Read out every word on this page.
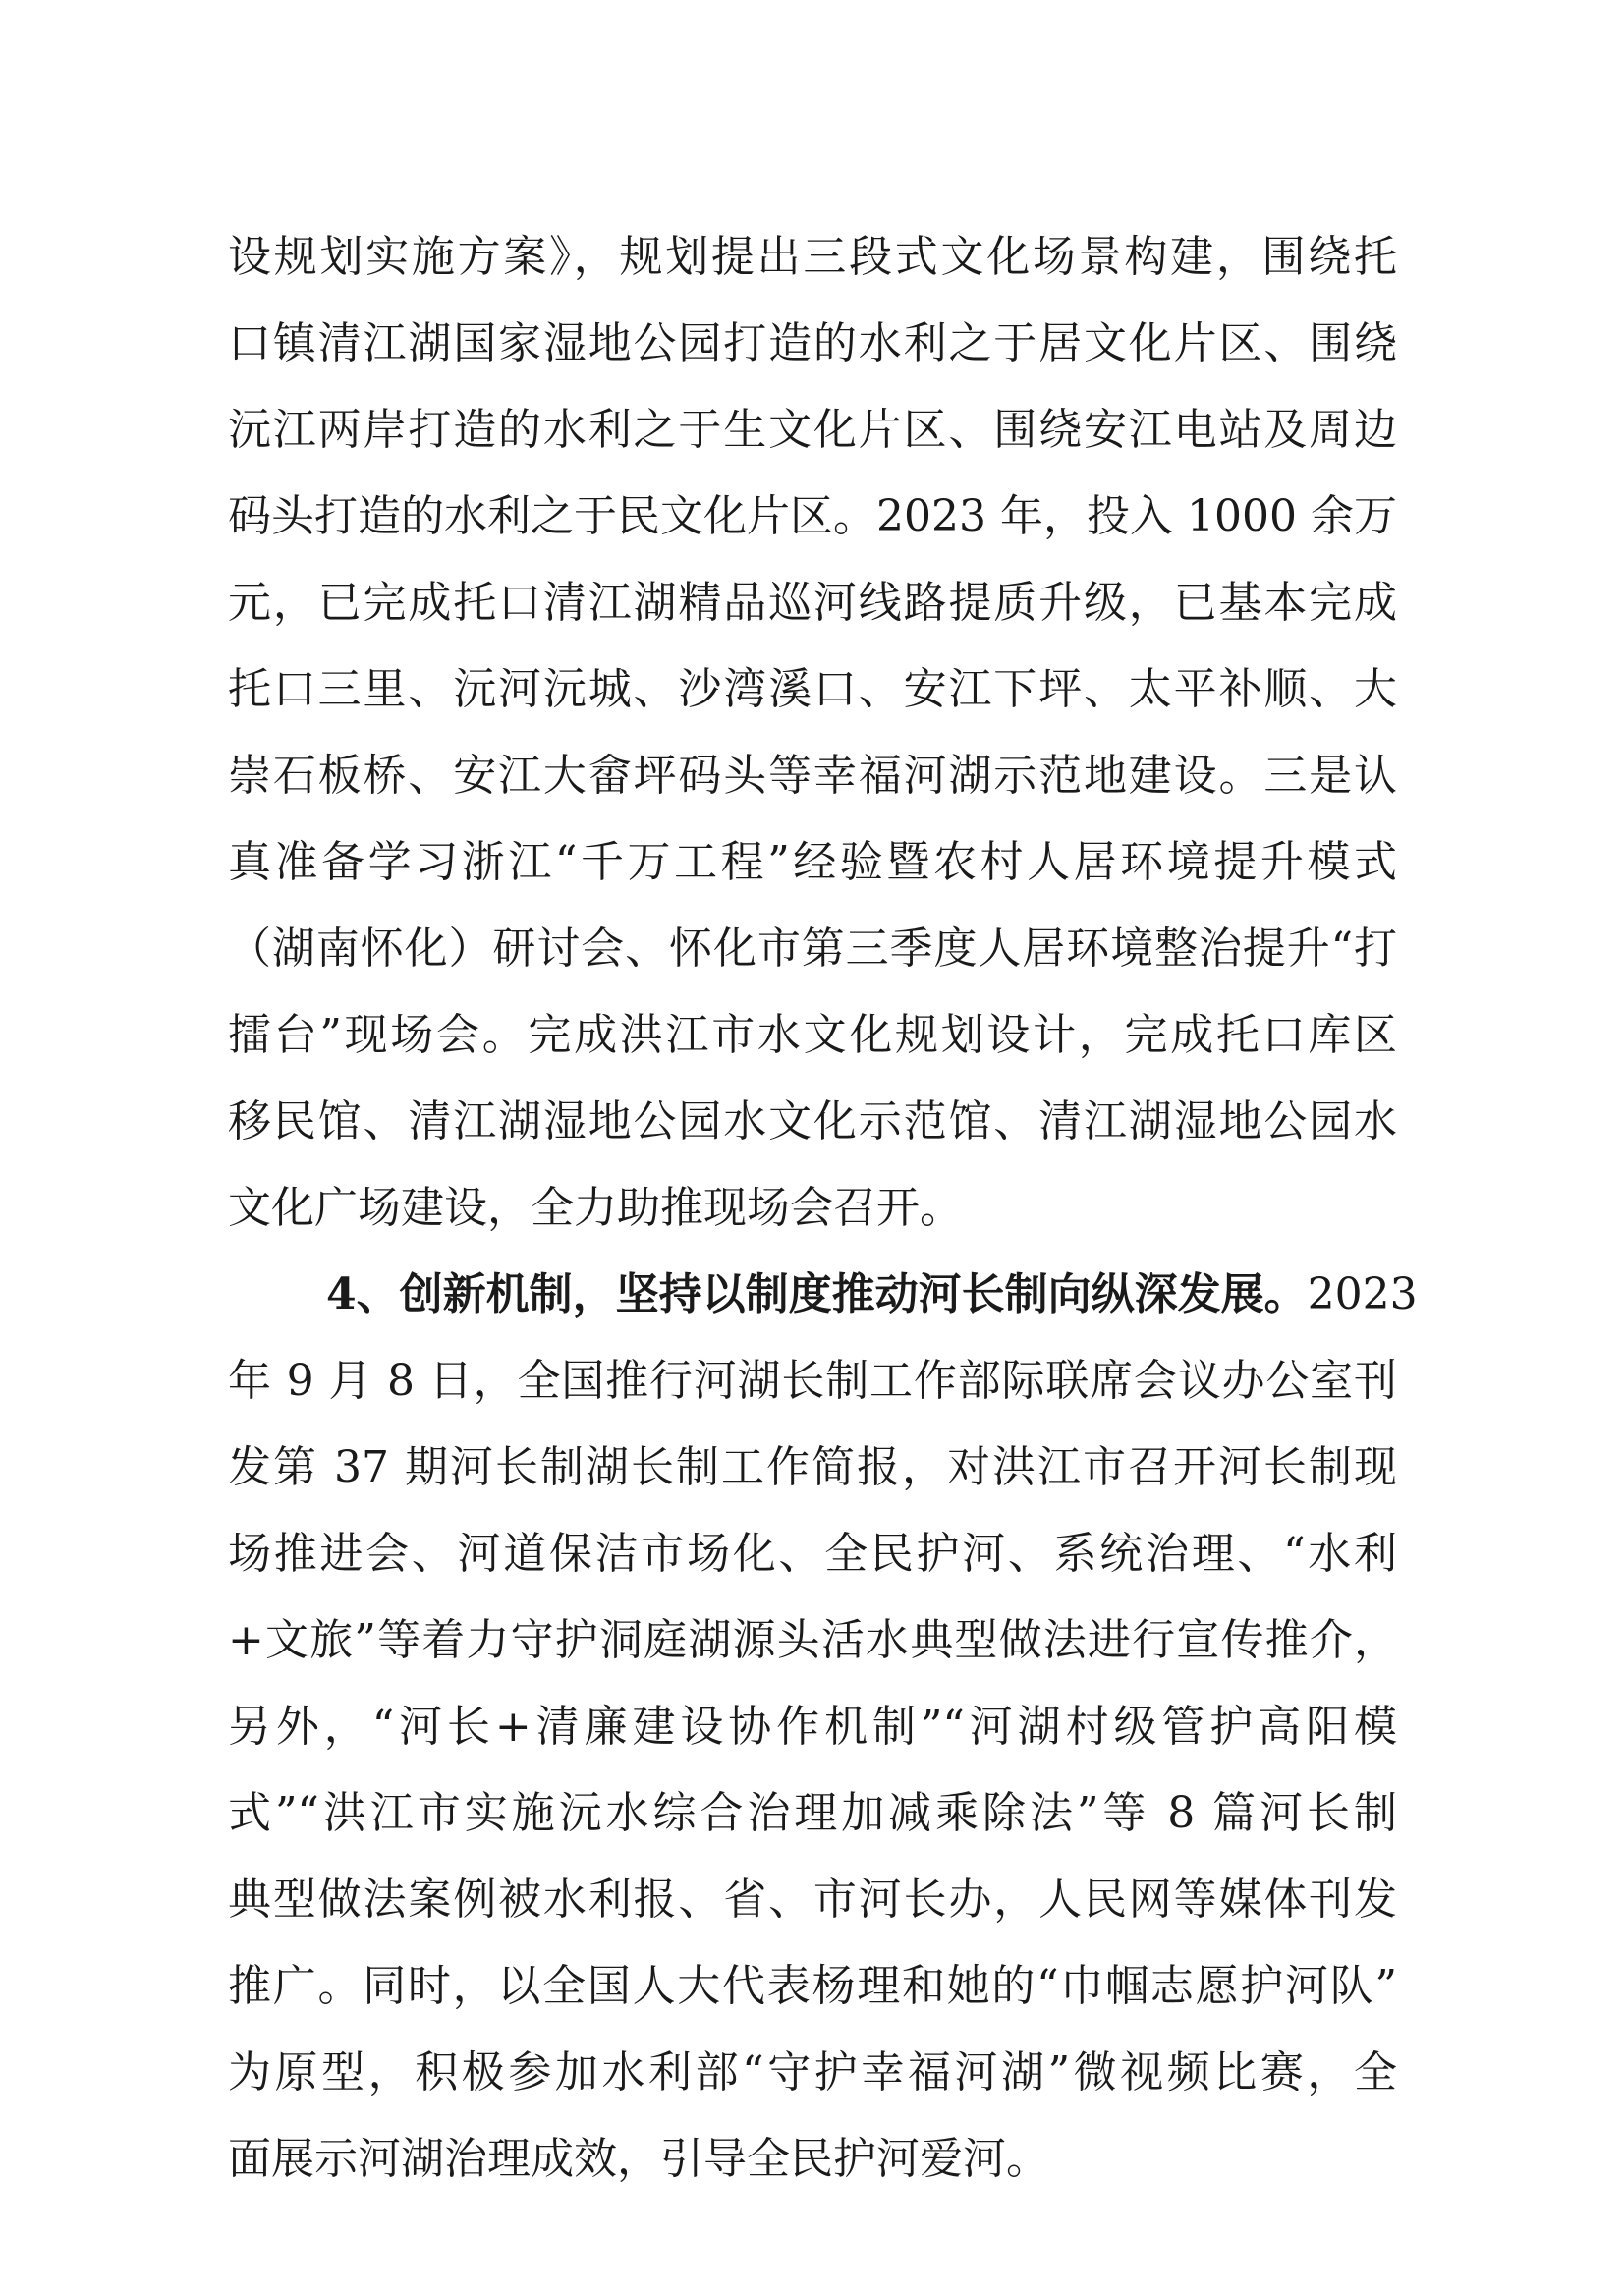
设规划实施方案》，规划提出三段式文化场景构建，围绕托
口镇清江湖国家湿地公园打造的水利之于居文化片区、围绕
沅江两岸打造的水利之于生文化片区、围绕安江电站及周边
码头打造的水利之于民文化片区。2023 年，投入 1000 余万
元，已完成托口清江湖精品巡河线路提质升级，已基本完成
托口三里、沅河沅城、沙湾溪口、安江下坪、太平补顺、大
崇石板桥、安江大畲坪码头等幸福河湖示范地建设。三是认
真准备学习浙江“千万工程”经验暨农村人居环境提升模式
（湖南怀化）研讨会、怀化市第三季度人居环境整治提升“打
擂台”现场会。完成洪江市水文化规划设计，完成托口库区
移民馆、清江湖湿地公园水文化示范馆、清江湖湿地公园水
文化广场建设，全力助推现场会召开。
4、创新机制，坚持以制度推动河长制向纵深发展。2023
年 9 月 8 日，全国推行河湖长制工作部际联席会议办公室刊
发第 37 期河长制湖长制工作简报，对洪江市召开河长制现
场推进会、河道保洁市场化、全民护河、系统治理、“水利
+文旅”等着力守护洞庭湖源头活水典型做法进行宣传推介，
另外，“河长+清廉建设协作机制”“河湖村级管护高阳模
式”“洪江市实施沅水综合治理加减乘除法”等 8 篇河长制
典型做法案例被水利报、省、市河长办，人民网等媒体刊发
推广。同时，以全国人大代表杨理和她的“巾帼志愿护河队”
为原型，积极参加水利部“守护幸福河湖”微视频比赛，全
面展示河湖治理成效，引导全民护河爱河。
